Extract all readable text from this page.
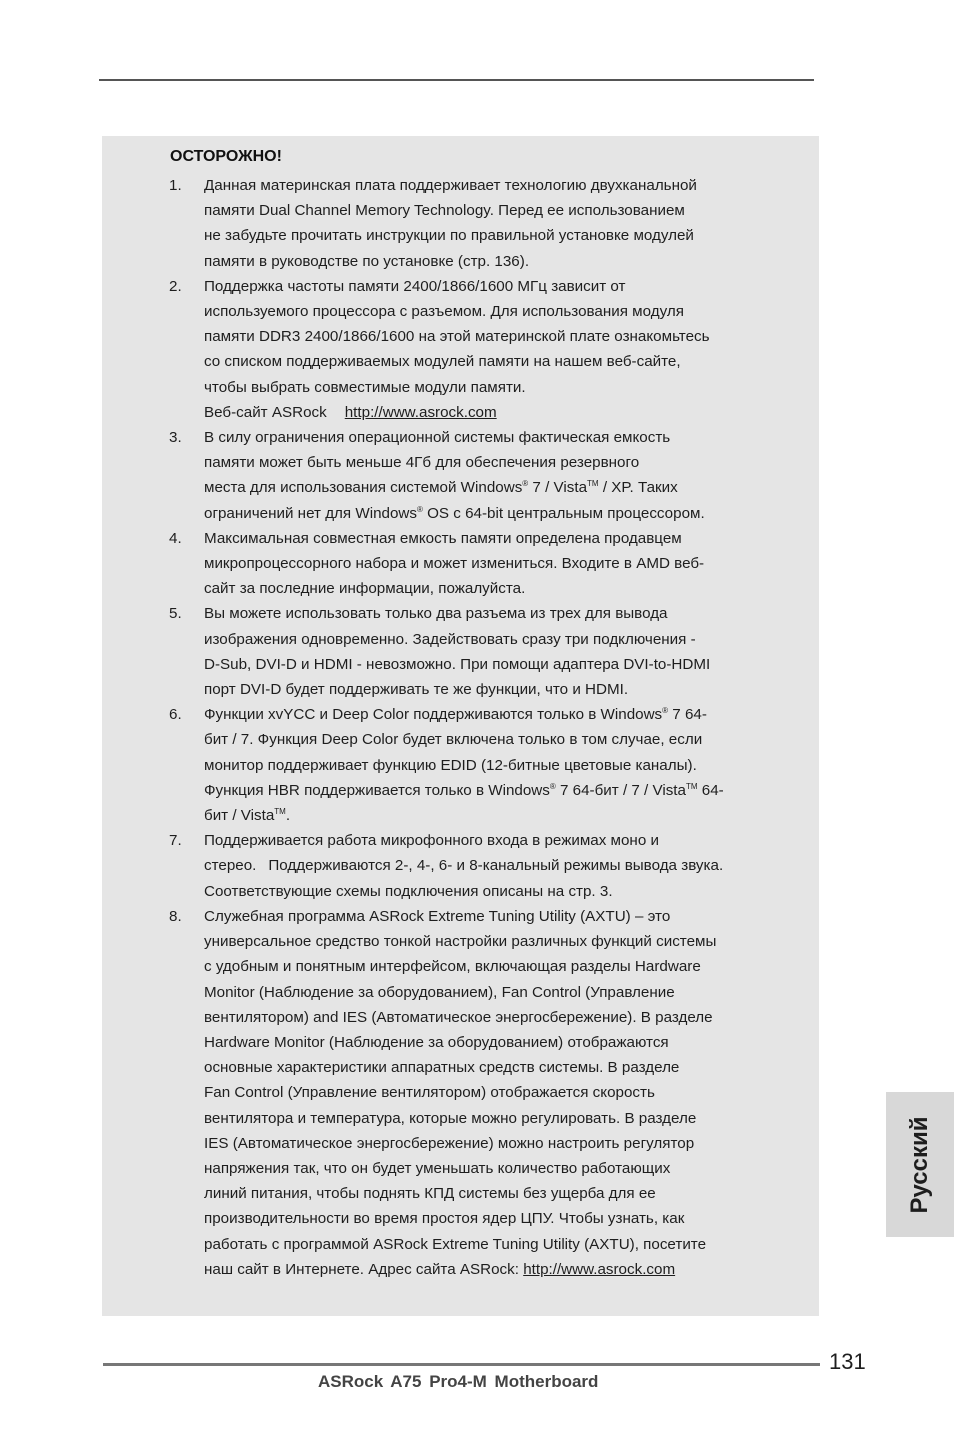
ОСТОРОЖНО!
1.	Данная материнская плата поддерживает технологию двухканальной
памяти Dual Channel Memory Technology. Перед ее использованием
не забудьте прочитать инструкции по правильной установке модулей
памяти в руководстве по установке (стр. 136).
2.	Поддержка частоты памяти 2400/1866/1600 МГц зависит от
используемого процессора с разъемом. Для использования модуля
памяти DDR3 2400/1866/1600 на этой материнской плате ознакомьтесь
со списком поддерживаемых модулей памяти на нашем веб-сайте,
чтобы выбрать совместимые модули памяти.
Веб-сайт ASRock http://www.asrock.com
3.	В силу ограничения операционной системы фактическая емкость
памяти может быть меньше 4Гб для обеспечения резервного
места для использования системой Windows® 7 / Vista™ / XP. Таких
ограничений нет для Windows® OS с 64-bit центральным процессором.
4.	Максимальная совместная емкость памяти определена продавцем
микропроцессорного набора и может измениться. Входите в AMD веб-
сайт за последние информации, пожалуйста.
5.	Вы можете использовать только два разъема из трех для вывода
изображения одновременно. Задействовать сразу три подключения -
D-Sub, DVI-D и HDMI - невозможно. При помощи адаптера DVI-to-HDMI
порт DVI-D будет поддерживать те же функции, что и HDMI.
6.	Функции xvYCC и Deep Color поддерживаются только в Windows® 7 64-
бит / 7. Функция Deep Color будет включена только в том случае, если
монитор поддерживает функцию EDID (12-битные цветовые каналы).
Функция HBR поддерживается только в Windows® 7 64-бит / 7 / Vista™ 64-
бит / Vista™.
7.	Поддерживается работа микрофонного входа в режимах моно и
стерео. Поддерживаются 2-, 4-, 6- и 8-канальный режимы вывода звука.
Соответствующие схемы подключения описаны на стр. 3.
8.	Служебная программа ASRock Extreme Tuning Utility (AXTU) – это
универсальное средство тонкой настройки различных функций системы
с удобным и понятным интерфейсом, включающая разделы Hardware
Monitor (Наблюдение за оборудованием), Fan Control (Управление
вентилятором) and IES (Автоматическое энергосбережение). В разделе
Hardware Monitor (Наблюдение за оборудованием) отображаются
основные характеристики аппаратных средств системы. В разделе
Fan Control (Управление вентилятором) отображается скорость
вентилятора и температура, которые можно регулировать. В разделе
IES (Автоматическое энергосбережение) можно настроить регулятор
напряжения так, что он будет уменьшать количество работающих
линий питания, чтобы поднять КПД системы без ущерба для ее
производительности во время простоя ядер ЦПУ. Чтобы узнать, как
работать с программой ASRock Extreme Tuning Utility (AXTU), посетите
наш сайт в Интернете. Адрес сайта ASRock: http://www.asrock.com
Русский
131
ASRock A75 Pro4-M Motherboard
